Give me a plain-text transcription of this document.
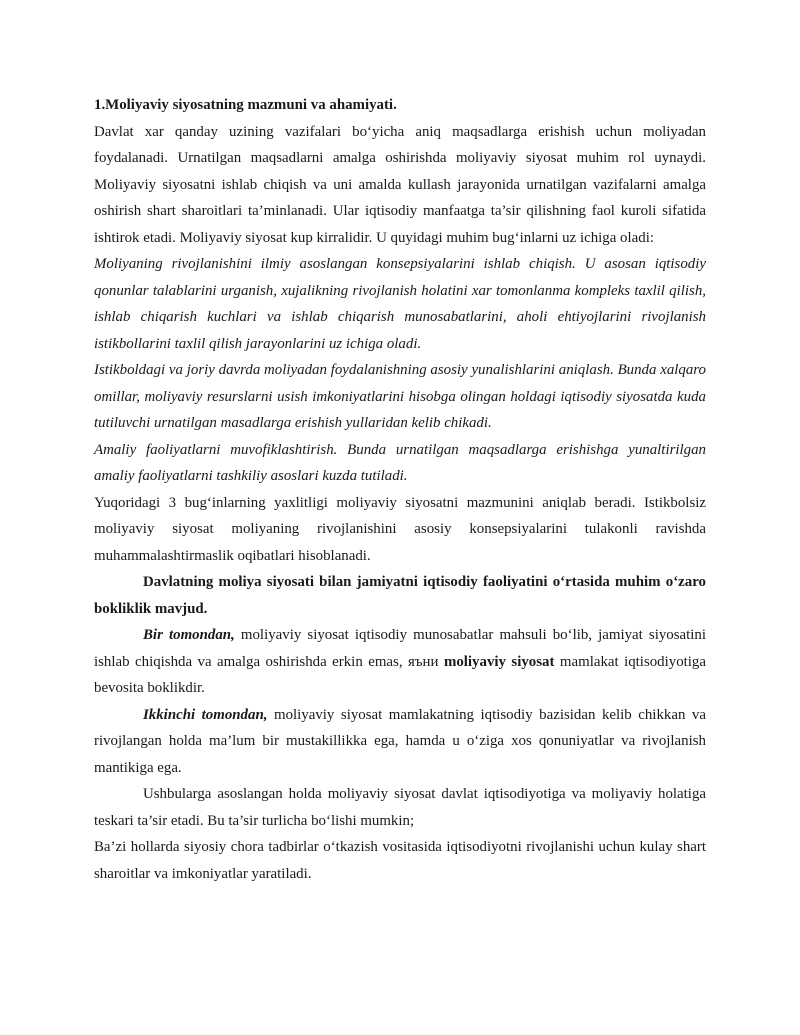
1.Moliyaviy siyosatning mazmuni va ahamiyati.

Davlat xar qanday uzining vazifalari bo‘yicha aniq maqsadlarga erishish uchun moliyadan foydalanadi. Urnatilgan maqsadlarni amalga oshirishda moliyaviy siyosat muhim rol uynaydi. Moliyaviy siyosatni ishlab chiqish va uni amalda kullash jarayonida urnatilgan vazifalarni amalga oshirish shart sharoitlari ta’minlanadi. Ular iqtisodiy manfaatga ta’sir qilishning faol kuroli sifatida ishtirok etadi. Moliyaviy siyosat kup kirralidir. U quyidagi muhim bug‘inlarni uz ichiga oladi:

Moliyaning rivojlanishini ilmiy asoslangan konsepsiyalarini ishlab chiqish. U asosan iqtisodiy qonunlar talablarini urganish, xujalikning rivojlanish holatini xar tomonlanma kompleks taxlil qilish, ishlab chiqarish kuchlari va ishlab chiqarish munosabatlarini, aholi ehtiyojlarini rivojlanish istikbollarini taxlil qilish jarayonlarini uz ichiga oladi.

Istikboldagi va joriy davrda moliyadan foydalanishning asosiy yunalishlarini aniqlash. Bunda xalqaro omillar, moliyaviy resurslarni usish imkoniyatlarini hisobga olingan holdagi iqtisodiy siyosatda kuda tutiluvchi urnatilgan masadlarga erishish yullaridan kelib chikadi.

Amaliy faoliyatlarni muvofiklashtirish. Bunda urnatilgan maqsadlarga erishishga yunaltirilgan amaliy faoliyatlarni tashkiliy asoslari kuzda tutiladi.

Yuqoridagi 3 bug‘inlarning yaxlitligi moliyaviy siyosatni mazmunini aniqlab beradi. Istikbolsiz moliyaviy siyosat moliyaning rivojlanishini asosiy konsepsiyalarini tulakonli ravishda muhammalashtirmaslik oqibatlari hisoblanadi.

Davlatning moliya siyosati bilan jamiyatni iqtisodiy faoliyatini o‘rtasida muhim o‘zaro bokliklik mavjud.

Bir tomondan, moliyaviy siyosat iqtisodiy munosabatlar mahsuli bo‘lib, jamiyat siyosatini ishlab chiqishda va amalga oshirishda erkin emas, яъни moliyaviy siyosat mamlakat iqtisodiyotiga bevosita boklikdir.

Ikkinchi tomondan, moliyaviy siyosat mamlakatning iqtisodiy bazisidan kelib chikkan va rivojlangan holda ma’lum bir mustakillikka ega, hamda u o‘ziga xos qonuniyatlar va rivojlanish mantikiga ega.

Ushbularga asoslangan holda moliyaviy siyosat davlat iqtisodiyotiga va moliyaviy holatiga teskari ta’sir etadi. Bu ta’sir turlicha bo‘lishi mumkin;

Ba’zi hollarda siyosiy chora tadbirlar o‘tkazish vositasida iqtisodiyotni rivojlanishi uchun kulay shart sharoitlar va imkoniyatlar yaratiladi.
